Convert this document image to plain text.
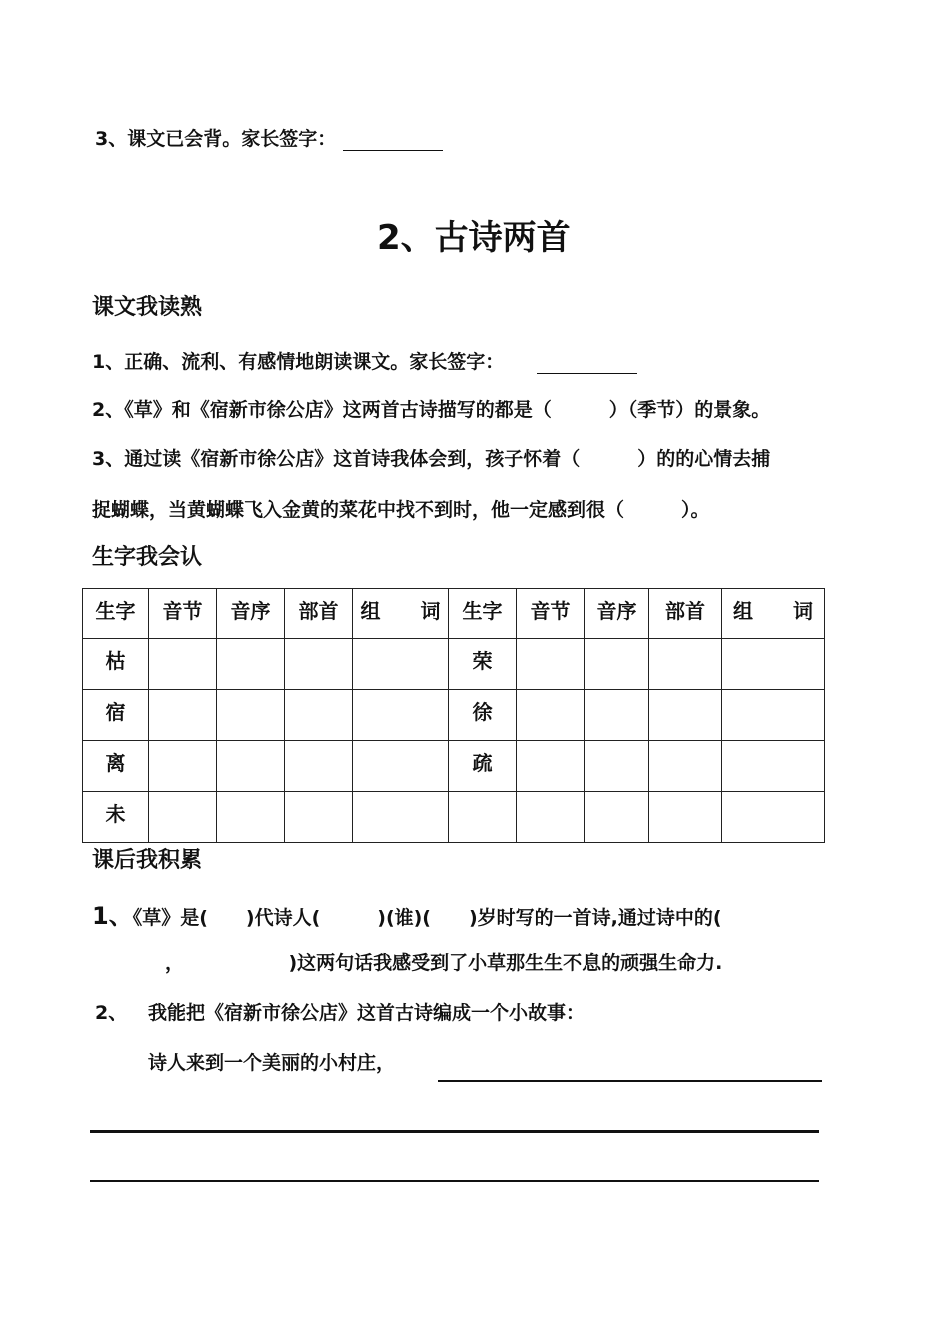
3、课文已会背。家长签字：
2、古诗两首
课文我读熟
1、正确、流利、有感情地朗读课文。家长签字：
2、《草》和《宿新市徐公店》这两首古诗描写的都是（　　　）（季节）的景象。
3、通过读《宿新市徐公店》这首诗我体会到，孩子怀着（　　　）的的心情去捕
捉蝴蝶，当黄蝴蝶飞入金黄的菜花中找不到时，他一定感到很（　　　）。
生字我会认
生字	音节	音序	部首	组　　词	生字	音节	音序	部首	组　　词
枯					荣				
宿					徐				
离					疏				
未									
课后我积累
1、《草》是(　　)代诗人(　　　)(谁)(　　)岁时写的一首诗,通过诗中的(
，　　　　　　)这两句话我感受到了小草那生生不息的顽强生命力.
2、 我能把《宿新市徐公店》这首古诗编成一个小故事：
诗人来到一个美丽的小村庄，
